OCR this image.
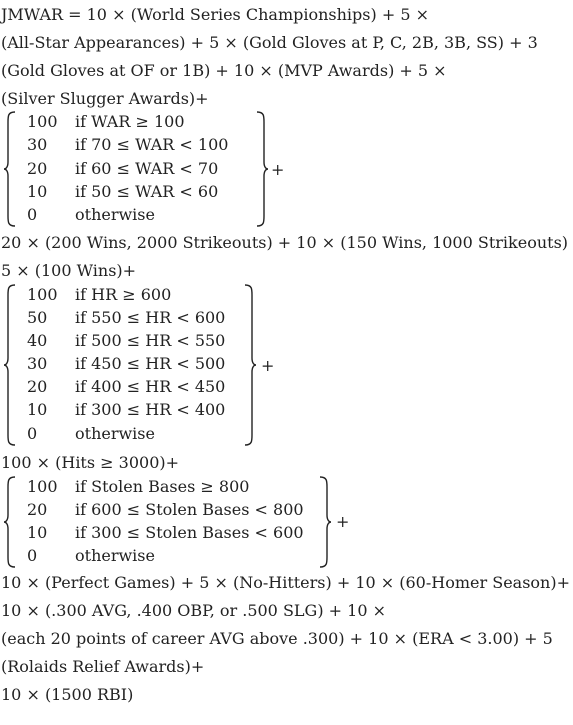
JMWAR = 10 × (World Series Championships) + 5 ×
(All-Star Appearances) + 5 × (Gold Gloves at P, C, 2B, 3B, SS) + 3
(Gold Gloves at OF or 1B) + 10 × (MVP Awards) + 5 ×
(Silver Slugger Awards)+
100 if WAR ≥ 100
30 if 70 ≤ WAR < 100
20 if 60 ≤ WAR < 70
10 if 50 ≤ WAR < 60
0 otherwise
+
20 × (200 Wins, 2000 Strikeouts) + 10 × (150 Wins, 1000 Strikeouts)
5 × (100 Wins)+
100 if HR ≥ 600
50 if 550 ≤ HR < 600
40 if 500 ≤ HR < 550
30 if 450 ≤ HR < 500
20 if 400 ≤ HR < 450
10 if 300 ≤ HR < 400
0 otherwise
+
100 × (Hits ≥ 3000)+
100 if Stolen Bases ≥ 800
20 if 600 ≤ Stolen Bases < 800
10 if 300 ≤ Stolen Bases < 600
0 otherwise
+
10 × (Perfect Games) + 5 × (No-Hitters) + 10 × (60-Homer Season)+
10 × (.300 AVG, .400 OBP, or .500 SLG) + 10 ×
(each 20 points of career AVG above .300) + 10 × (ERA < 3.00) + 5
(Rolaids Relief Awards)+
10 × (1500 RBI)
